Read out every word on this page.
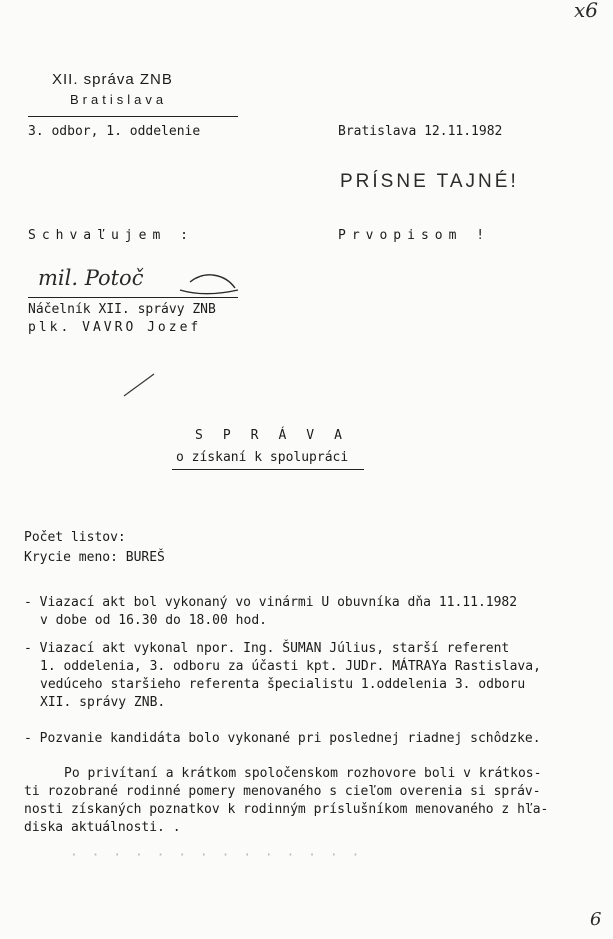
x6
XII. správa ZNB
Bratislava
3. odbor, 1. oddelenie	Bratislava 12.11.1982
PRÍSNE TAJNÉ!
Schvaľujem :	Prvopisom !
mil. Potoč
Náčelník XII. správy ZNB
plk. VAVRO Jozef
SPRÁVA
o získaní k spolupráci
Počet listov:
Krycie meno: BUREŠ
- Viazací akt bol vykonaný vo vinármi U obuvníka dňa 11.11.1982
v dobe od 16.30 do 18.00 hod.
- Viazací akt vykonal npor. Ing. ŠUMAN Július, starší referent
1. oddelenia, 3. odboru za účasti kpt. JUDr. MÁTRAYa Rastislava,
vedúceho staršieho referenta špecialistu 1.oddelenia 3. odboru
XII. správy ZNB.
- Pozvanie kandidáta bolo vykonané pri poslednej riadnej schôdzke.
Po privítaní a krátkom spoločenskom rozhovore boli v krátkos-
ti rozobrané rodinné pomery menovaného s cieľom overenia si správ-
nosti získaných poznatkov k rodinným príslušníkom menovaného z hľa-
diska aktuálnosti. .
· · · · · · · · · · · · · ·
6
